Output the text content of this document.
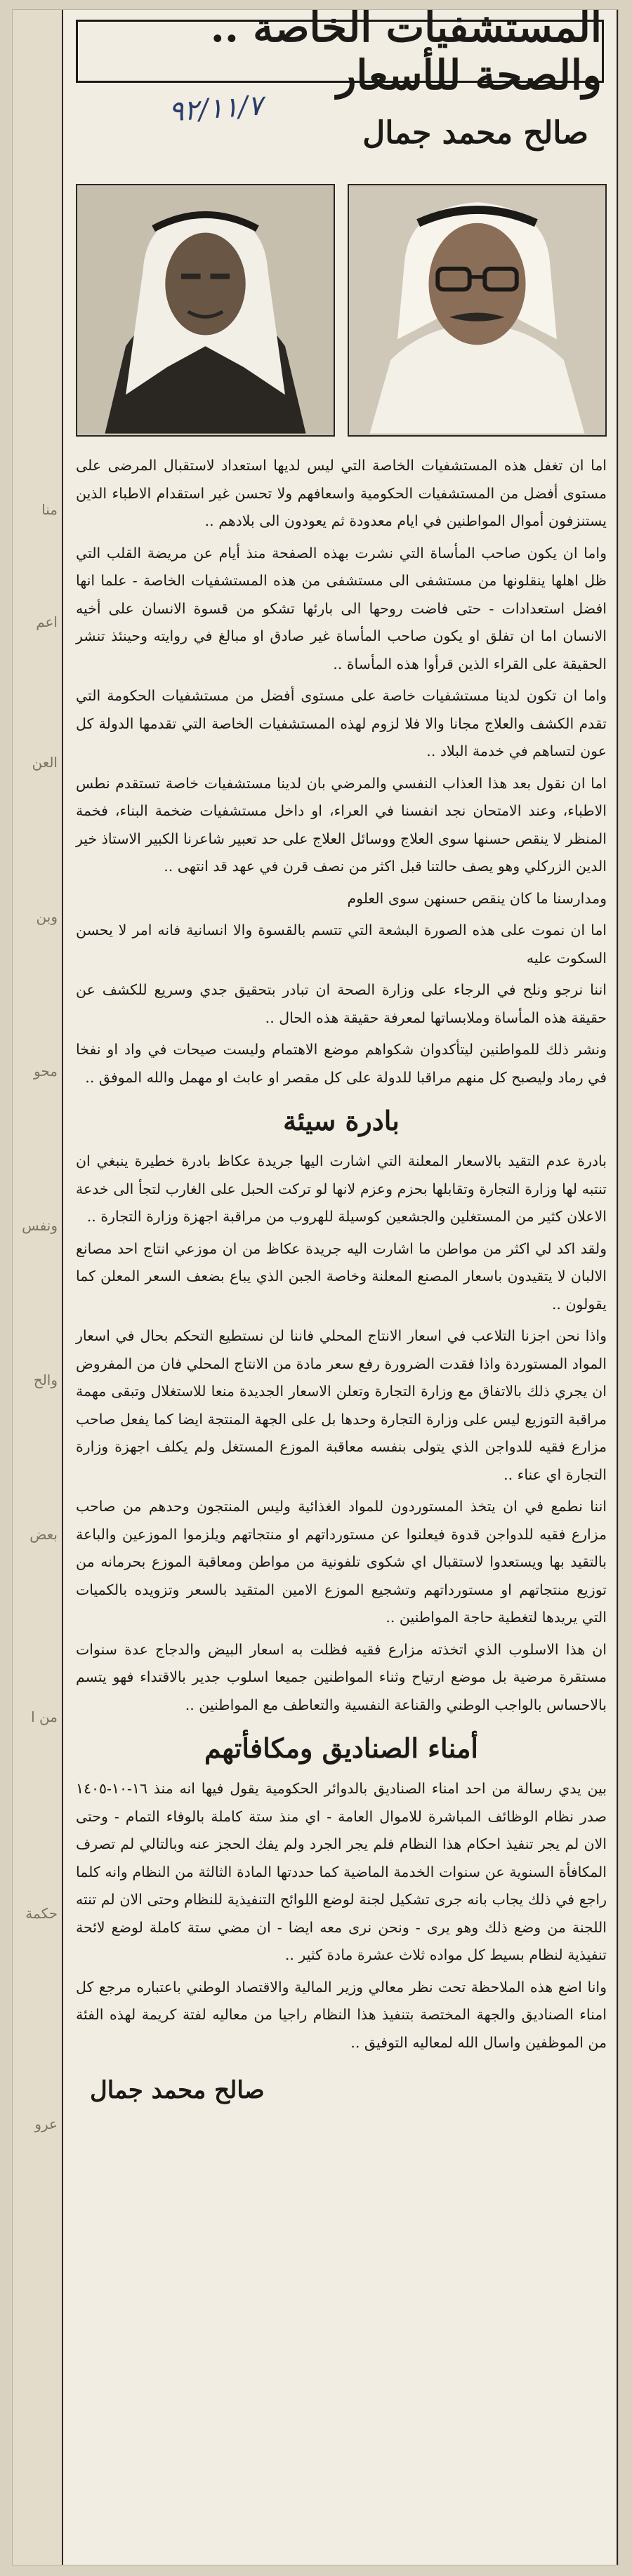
منا
اعم
العن
وبن
محو
ونفس
والح
بعض
من ا
حكمة
عرو
المستشفيات الخاصة .. والصحة للأسعار
٩٢/١١/٧
صالح محمد جمال

اما ان تغفل هذه المستشفيات الخاصة التي ليس لديها استعداد لاستقبال المرضى على مستوى أفضل من المستشفيات الحكومية واسعافهم ولا تحسن غير استقدام الاطباء الذين يستنزفون أموال المواطنين في ايام معدودة ثم يعودون الى بلادهم ..

واما ان يكون صاحب المأساة التي نشرت بهذه الصفحة منذ أيام عن مريضة القلب التي ظل اهلها ينقلونها من مستشفى الى مستشفى من هذه المستشفيات الخاصة - علما انها افضل استعدادات - حتى فاضت روحها الى بارئها تشكو من قسوة الانسان على أخيه الانسان اما ان تفلق او يكون صاحب المأساة غير صادق او مبالغ في روايته وحينئذ تنشر الحقيقة على القراء الذين قرأوا هذه المأساة ..

واما ان تكون لدينا مستشفيات خاصة على مستوى أفضل من مستشفيات الحكومة التي تقدم الكشف والعلاج مجانا والا فلا لزوم لهذه المستشفيات الخاصة التي تقدمها الدولة كل عون لتساهم في خدمة البلاد ..

اما ان نقول بعد هذا العذاب النفسي والمرضي بان لدينا مستشفيات خاصة تستقدم نطس الاطباء، وعند الامتحان نجد انفسنا في العراء، او داخل مستشفيات ضخمة البناء، فخمة المنظر لا ينقص حسنها سوى العلاج ووسائل العلاج على حد تعبير شاعرنا الكبير الاستاذ خير الدين الزركلي وهو يصف حالتنا قبل اكثر من نصف قرن في عهد قد انتهى ..

ومدارسنا ما كان ينقص حسنهن سوى العلوم

اما ان نموت على هذه الصورة البشعة التي تتسم بالقسوة والا انسانية فانه امر لا يحسن السكوت عليه

اننا نرجو ونلح في الرجاء على وزارة الصحة ان تبادر بتحقيق جدي وسريع للكشف عن حقيقة هذه المأساة وملابساتها لمعرفة حقيقة هذه الحال ..

ونشر ذلك للمواطنين ليتأكدوان شكواهم موضع الاهتمام وليست صيحات في واد او نفخا في رماد وليصبح كل منهم مراقبا للدولة على كل مقصر او عابث او مهمل والله الموفق ..

بادرة سيئة

بادرة عدم التقيد بالاسعار المعلنة التي اشارت اليها جريدة عكاظ بادرة خطيرة ينبغي ان تنتبه لها وزارة التجارة وتقابلها بحزم وعزم لانها لو تركت الحبل على الغارب لتجأ الى خدعة الاعلان كثير من المستغلين والجشعين كوسيلة للهروب من مراقبة اجهزة وزارة التجارة ..

ولقد اكد لي اكثر من مواطن ما اشارت اليه جريدة عكاظ من ان موزعي انتاج احد مصانع الالبان لا يتقيدون باسعار المصنع المعلنة وخاصة الجبن الذي يباع بضعف السعر المعلن كما يقولون ..

واذا نحن اجزنا التلاعب في اسعار الانتاج المحلي فاننا لن نستطيع التحكم بحال في اسعار المواد المستوردة واذا فقدت الضرورة رفع سعر مادة من الانتاج المحلي فان من المفروض ان يجري ذلك بالاتفاق مع وزارة التجارة وتعلن الاسعار الجديدة منعا للاستغلال وتبقى مهمة مراقبة التوزيع ليس على وزارة التجارة وحدها بل على الجهة المنتجة ايضا كما يفعل صاحب مزارع فقيه للدواجن الذي يتولى بنفسه معاقبة الموزع المستغل ولم يكلف اجهزة وزارة التجارة اي عناء ..

اننا نطمع في ان يتخذ المستوردون للمواد الغذائية وليس المنتجون وحدهم من صاحب مزارع فقيه للدواجن قدوة فيعلنوا عن مستورداتهم او منتجاتهم ويلزموا الموزعين والباعة بالتقيد بها ويستعدوا لاستقبال اي شكوى تلفونية من مواطن ومعاقبة الموزع بحرمانه من توزيع منتجاتهم او مستورداتهم وتشجيع الموزع الامين المتقيد بالسعر وتزويده بالكميات التي يريدها لتغطية حاجة المواطنين ..

ان هذا الاسلوب الذي اتخذته مزارع فقيه فظلت به اسعار البيض والدجاج عدة سنوات مستقرة مرضية بل موضع ارتياح وثناء المواطنين جميعا اسلوب جدير بالاقتداء فهو يتسم بالاحساس بالواجب الوطني والقناعة النفسية والتعاطف مع المواطنين ..

أمناء الصناديق ومكافأتهم

بين يدي رسالة من احد امناء الصناديق بالدوائر الحكومية يقول فيها انه منذ ١٦-١٠-١٤٠٥ صدر نظام الوظائف المباشرة للاموال العامة - اي منذ ستة كاملة بالوفاء التمام - وحتى الان لم يجر تنفيذ احكام هذا النظام فلم يجر الجرد ولم يفك الحجز عنه وبالتالي لم تصرف المكافأة السنوية عن سنوات الخدمة الماضية كما حددتها المادة الثالثة من النظام وانه كلما راجع في ذلك يجاب بانه جرى تشكيل لجنة لوضع اللوائح التنفيذية للنظام وحتى الان لم تنته اللجنة من وضع ذلك وهو يرى - ونحن نرى معه ايضا - ان مضي ستة كاملة لوضع لائحة تنفيذية لنظام بسيط كل مواده ثلاث عشرة مادة كثير ..

وانا اضع هذه الملاحظة تحت نظر معالي وزير المالية والاقتصاد الوطني باعتباره مرجع كل امناء الصناديق والجهة المختصة بتنفيذ هذا النظام راجيا من معاليه لفتة كريمة لهذه الفئة من الموظفين واسال الله لمعاليه التوفيق ..

صالح محمد جمال
